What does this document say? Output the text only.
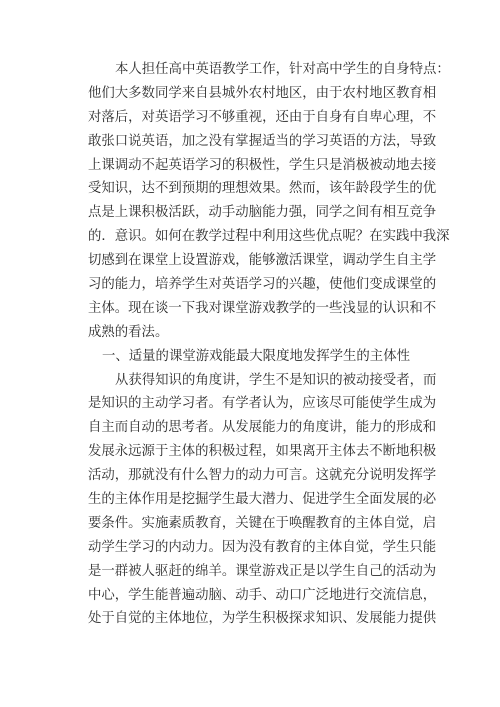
本人担任高中英语教学工作，针对高中学生的自身特点：
他们大多数同学来自县城外农村地区，由于农村地区教育相
对落后，对英语学习不够重视，还由于自身有自卑心理，不
敢张口说英语，加之没有掌握适当的学习英语的方法，导致
上课调动不起英语学习的积极性，学生只是消极被动地去接
受知识，达不到预期的理想效果。然而，该年龄段学生的优
点是上课积极活跃，动手动脑能力强，同学之间有相互竞争
的．意识。如何在教学过程中利用这些优点呢？在实践中我深
切感到在课堂上设置游戏，能够激活课堂，调动学生自主学
习的能力，培养学生对英语学习的兴趣，使他们变成课堂的
主体。现在谈一下我对课堂游戏教学的一些浅显的认识和不
成熟的看法。
一、适量的课堂游戏能最大限度地发挥学生的主体性
从获得知识的角度讲，学生不是知识的被动接受者，而
是知识的主动学习者。有学者认为，应该尽可能使学生成为
自主而自动的思考者。从发展能力的角度讲，能力的形成和
发展永远源于主体的积极过程，如果离开主体去不断地积极
活动，那就没有什么智力的动力可言。这就充分说明发挥学
生的主体作用是挖掘学生最大潜力、促进学生全面发展的必
要条件。实施素质教育，关键在于唤醒教育的主体自觉，启
动学生学习的内动力。因为没有教育的主体自觉，学生只能
是一群被人驱赶的绵羊。课堂游戏正是以学生自己的活动为
中心，学生能普遍动脑、动手、动口广泛地进行交流信息，
处于自觉的主体地位，为学生积极探求知识、发展能力提供
